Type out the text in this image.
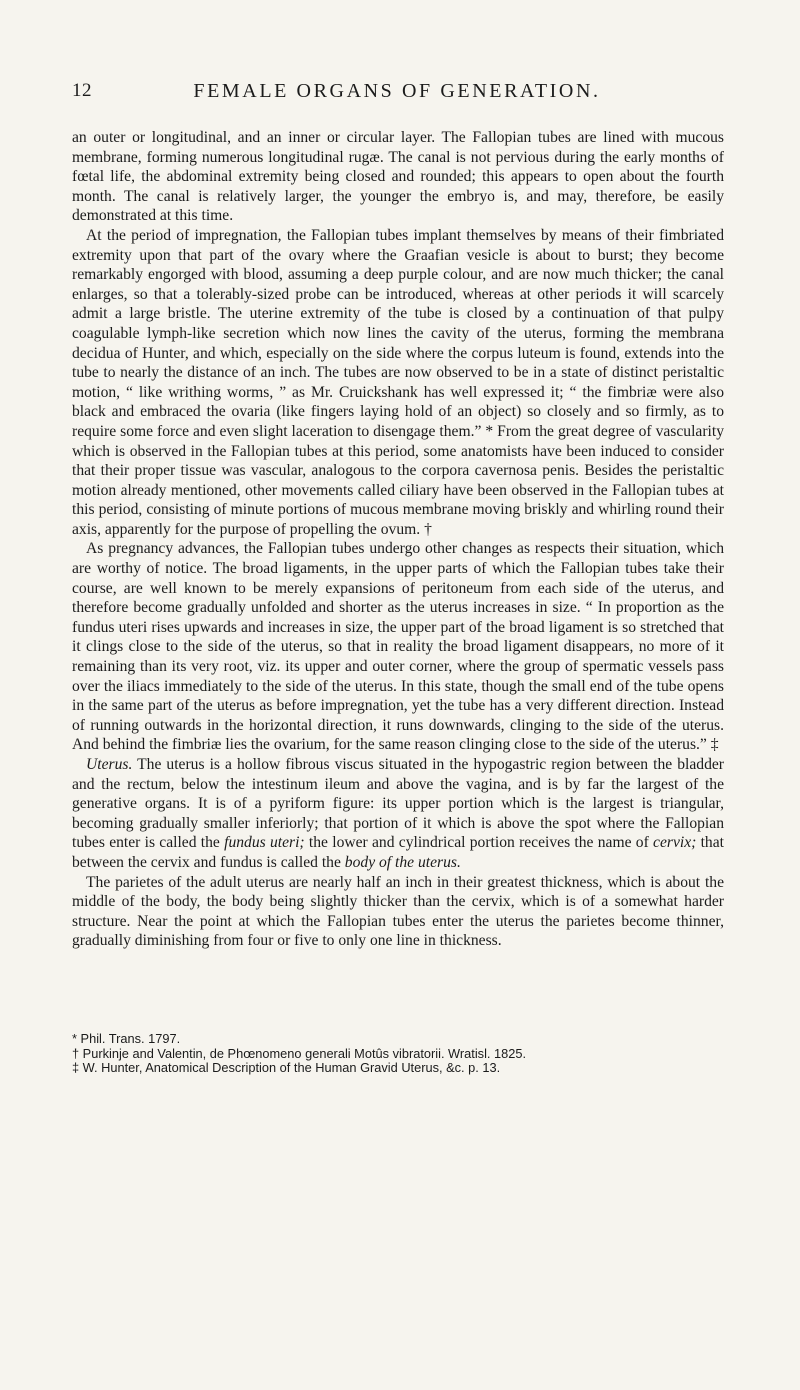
12	FEMALE ORGANS OF GENERATION.

an outer or longitudinal, and an inner or circular layer. The Fallopian tubes are lined with mucous membrane, forming numerous longitudinal rugæ. The canal is not pervious during the early months of fœtal life, the abdominal extremity being closed and rounded; this appears to open about the fourth month. The canal is relatively larger, the younger the embryo is, and may, therefore, be easily demonstrated at this time.

At the period of impregnation, the Fallopian tubes implant themselves by means of their fimbriated extremity upon that part of the ovary where the Graafian vesicle is about to burst; they become remarkably engorged with blood, assuming a deep purple colour, and are now much thicker; the canal enlarges, so that a tolerably-sized probe can be introduced, whereas at other periods it will scarcely admit a large bristle. The uterine extremity of the tube is closed by a continuation of that pulpy coagulable lymph-like secretion which now lines the cavity of the uterus, forming the membrana decidua of Hunter, and which, especially on the side where the corpus luteum is found, extends into the tube to nearly the distance of an inch. The tubes are now observed to be in a state of distinct peristaltic motion, “ like writhing worms, ” as Mr. Cruickshank has well expressed it; “ the fimbriæ were also black and embraced the ovaria (like fingers laying hold of an object) so closely and so firmly, as to require some force and even slight laceration to disengage them.” * From the great degree of vascularity which is observed in the Fallopian tubes at this period, some anatomists have been induced to consider that their proper tissue was vascular, analogous to the corpora cavernosa penis. Besides the peristaltic motion already mentioned, other movements called ciliary have been observed in the Fallopian tubes at this period, consisting of minute portions of mucous membrane moving briskly and whirling round their axis, apparently for the purpose of propelling the ovum. †

As pregnancy advances, the Fallopian tubes undergo other changes as respects their situation, which are worthy of notice. The broad ligaments, in the upper parts of which the Fallopian tubes take their course, are well known to be merely expansions of peritoneum from each side of the uterus, and therefore become gradually unfolded and shorter as the uterus increases in size. “ In proportion as the fundus uteri rises upwards and increases in size, the upper part of the broad ligament is so stretched that it clings close to the side of the uterus, so that in reality the broad ligament disappears, no more of it remaining than its very root, viz. its upper and outer corner, where the group of spermatic vessels pass over the iliacs immediately to the side of the uterus. In this state, though the small end of the tube opens in the same part of the uterus as before impregnation, yet the tube has a very different direction. Instead of running outwards in the horizontal direction, it runs downwards, clinging to the side of the uterus. And behind the fimbriæ lies the ovarium, for the same reason clinging close to the side of the uterus.” ‡

Uterus. The uterus is a hollow fibrous viscus situated in the hypogastric region between the bladder and the rectum, below the intestinum ileum and above the vagina, and is by far the largest of the generative organs. It is of a pyriform figure: its upper portion which is the largest is triangular, becoming gradually smaller inferiorly; that portion of it which is above the spot where the Fallopian tubes enter is called the fundus uteri; the lower and cylindrical portion receives the name of cervix; that between the cervix and fundus is called the body of the uterus.

The parietes of the adult uterus are nearly half an inch in their greatest thickness, which is about the middle of the body, the body being slightly thicker than the cervix, which is of a somewhat harder structure. Near the point at which the Fallopian tubes enter the uterus the parietes become thinner, gradually diminishing from four or five to only one line in thickness.

* Phil. Trans. 1797.
† Purkinje and Valentin, de Phœnomeno generali Motûs vibratorii. Wratisl. 1825.
‡ W. Hunter, Anatomical Description of the Human Gravid Uterus, &c. p. 13.
